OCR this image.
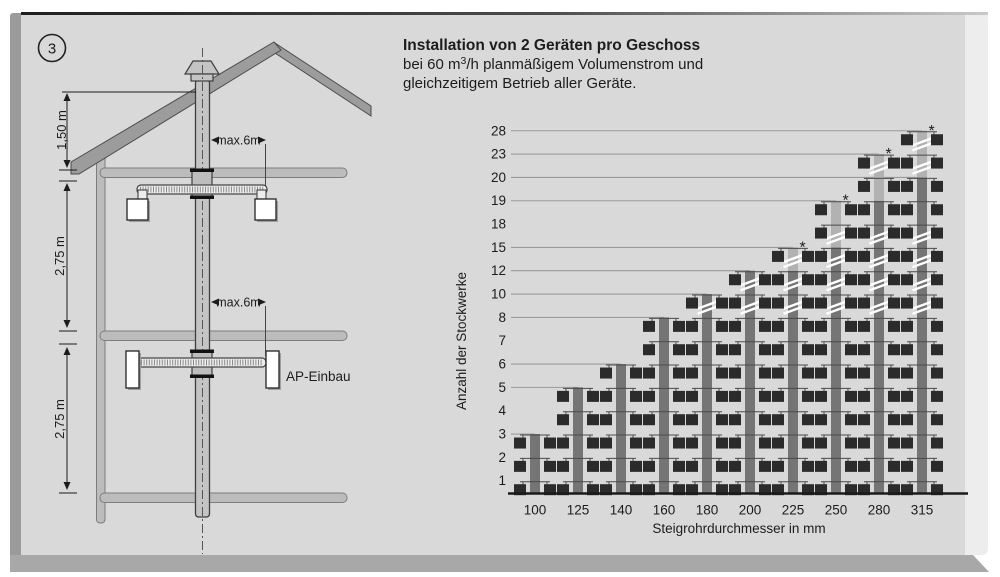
3	Installation von 2 Geräten pro Geschoss
bei 60 $m^3/h$ planmäßigem Volumenstrom und
gleichzeitigem Betrieb aller Geräte.
AP-Einbau
max.6m
max.6m
1,50 m
2,75 m
2,75 m
100 125 140 160 180 200
*
225
*
250
*
280
*
315
1
2
3
4
5
6
7
8
10
12
15
18
19
20
23
28
Steigrohrdurchmesser in mm
Anzahl der Stockwerke
